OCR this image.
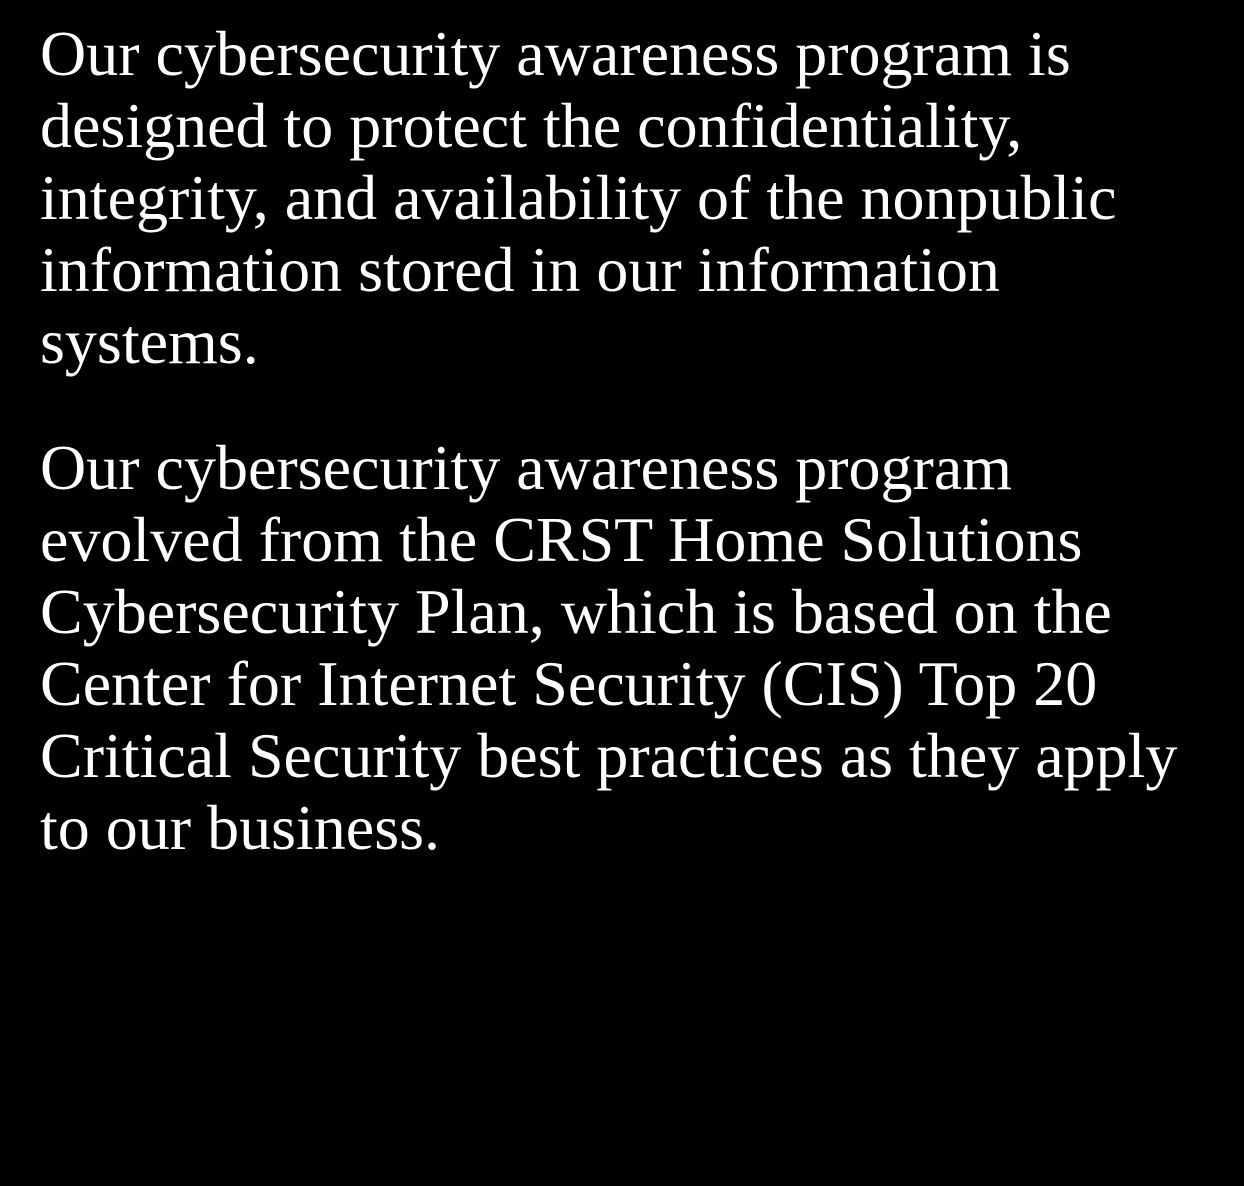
Our cybersecurity awareness program is
designed to protect the confidentiality,
integrity, and availability of the nonpublic
information stored in our information
systems.
Our cybersecurity awareness program
evolved from the CRST Home Solutions
Cybersecurity Plan, which is based on the
Center for Internet Security (CIS) Top 20
Critical Security best practices as they apply
to our business.
